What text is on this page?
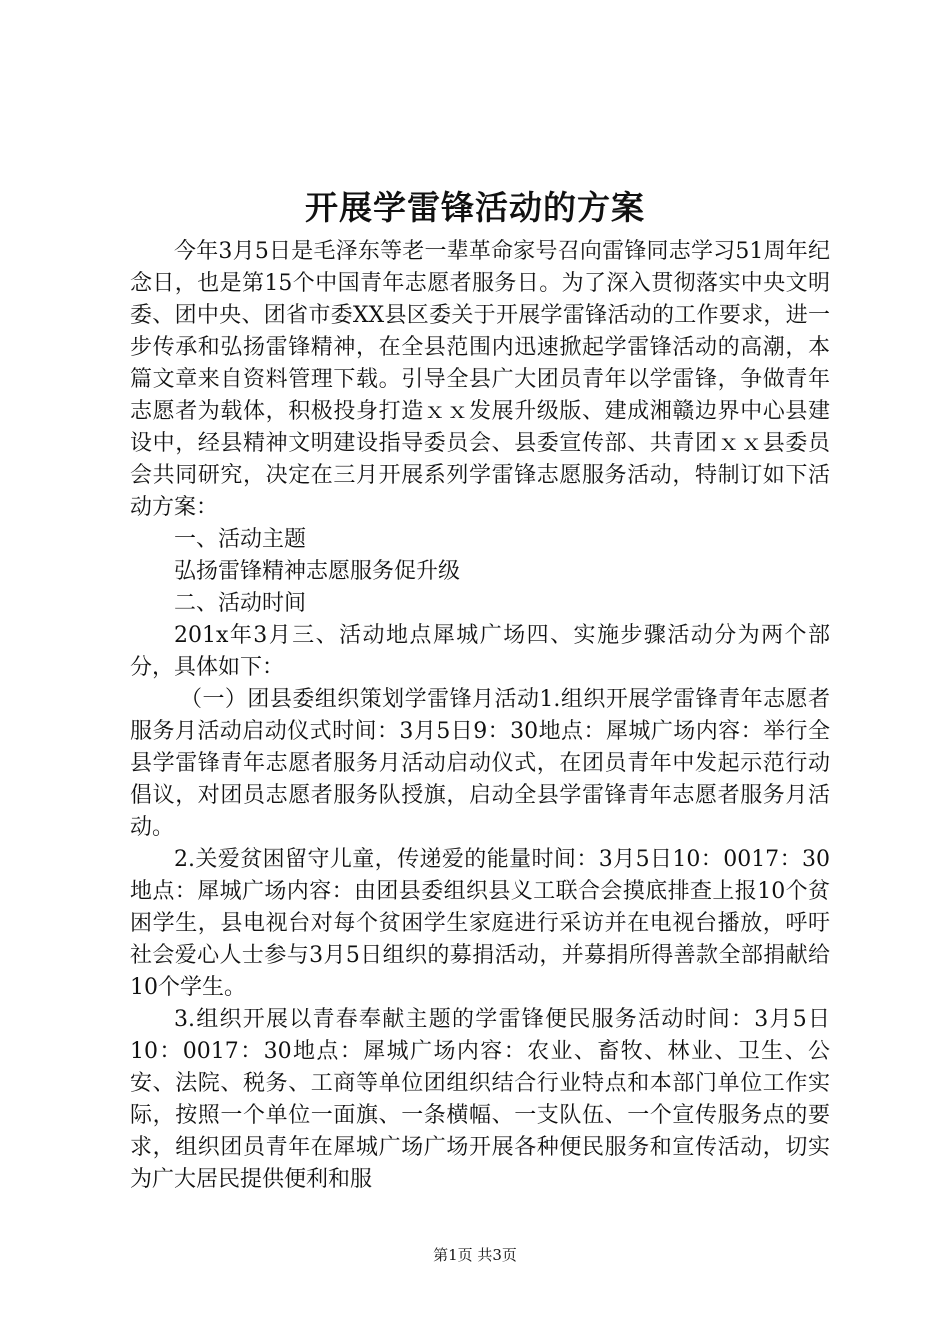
开展学雷锋活动的方案

今年3月5日是毛泽东等老一辈革命家号召向雷锋同志学习51周年纪念日，也是第15个中国青年志愿者服务日。为了深入贯彻落实中央文明委、团中央、团省市委XX县区委关于开展学雷锋活动的工作要求，进一步传承和弘扬雷锋精神，在全县范围内迅速掀起学雷锋活动的高潮，本篇文章来自资料管理下载。引导全县广大团员青年以学雷锋，争做青年志愿者为载体，积极投身打造ｘｘ发展升级版、建成湘赣边界中心县建设中，经县精神文明建设指导委员会、县委宣传部、共青团ｘｘ县委员会共同研究，决定在三月开展系列学雷锋志愿服务活动，特制订如下活动方案：

一、活动主题

弘扬雷锋精神志愿服务促升级

二、活动时间

201x年3月三、活动地点犀城广场四、实施步骤活动分为两个部分，具体如下：

（一）团县委组织策划学雷锋月活动1.组织开展学雷锋青年志愿者服务月活动启动仪式时间：3月5日9：30地点：犀城广场内容：举行全县学雷锋青年志愿者服务月活动启动仪式，在团员青年中发起示范行动倡议，对团员志愿者服务队授旗，启动全县学雷锋青年志愿者服务月活动。

2.关爱贫困留守儿童，传递爱的能量时间：3月5日10：0017：30地点：犀城广场内容：由团县委组织县义工联合会摸底排查上报10个贫困学生，县电视台对每个贫困学生家庭进行采访并在电视台播放，呼吁社会爱心人士参与3月5日组织的募捐活动，并募捐所得善款全部捐献给10个学生。

3.组织开展以青春奉献主题的学雷锋便民服务活动时间：3月5日10：0017：30地点：犀城广场内容：农业、畜牧、林业、卫生、公安、法院、税务、工商等单位团组织结合行业特点和本部门单位工作实际，按照一个单位一面旗、一条横幅、一支队伍、一个宣传服务点的要求，组织团员青年在犀城广场广场开展各种便民服务和宣传活动，切实为广大居民提供便利和服

第1页 共3页
